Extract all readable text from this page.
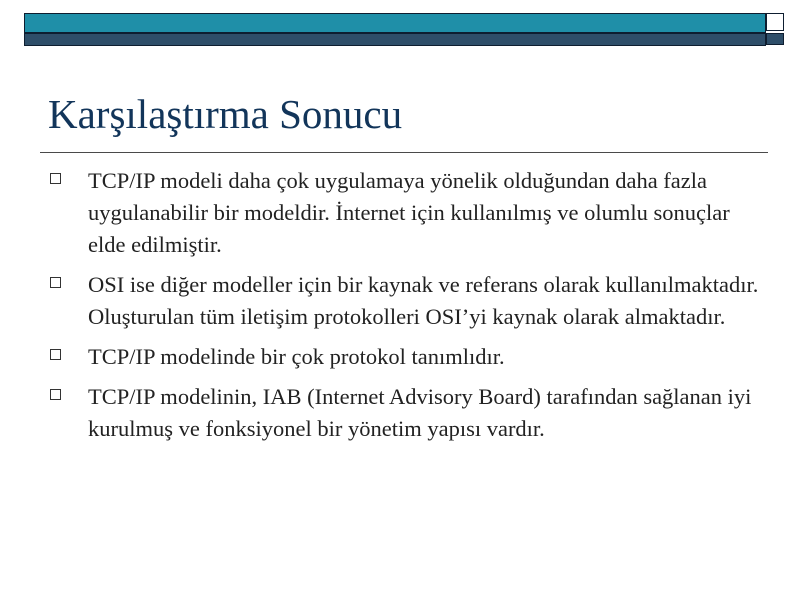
Karşılaştırma Sonucu
TCP/IP modeli daha çok uygulamaya yönelik olduğundan daha fazla uygulanabilir bir modeldir. İnternet için kullanılmış ve olumlu sonuçlar elde edilmiştir.
OSI ise diğer modeller için bir kaynak ve referans olarak kullanılmaktadır. Oluşturulan tüm iletişim protokolleri OSI’yi kaynak olarak almaktadır.
TCP/IP modelinde bir çok protokol tanımlıdır.
TCP/IP modelinin, IAB (Internet Advisory Board) tarafından sağlanan iyi kurulmuş ve fonksiyonel bir yönetim yapısı vardır.
